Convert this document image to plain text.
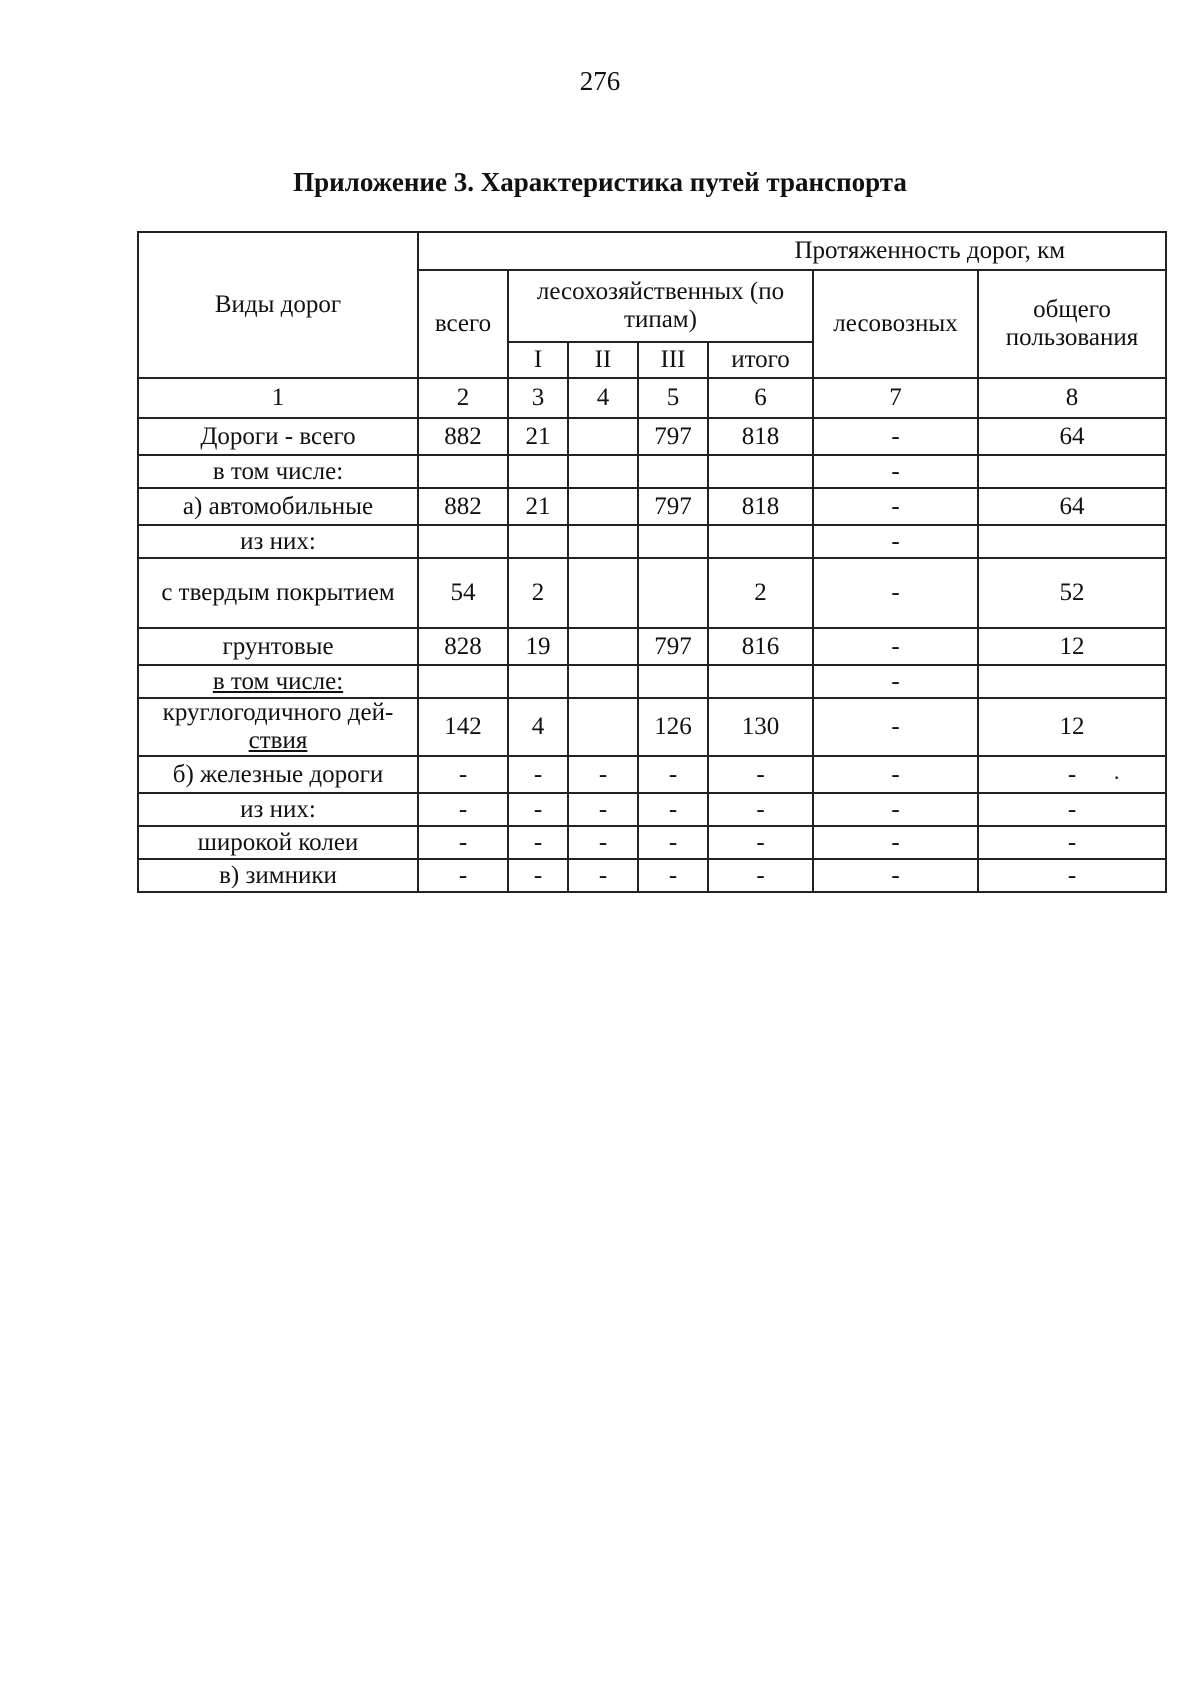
276
Приложение 3. Характеристика путей транспорта
Виды дорог	Протяженность дорог, км						
	всего	лесохозяйственных (по типам)				лесовозных	общего пользования
		I	II	III	итого		
1	2	3	4	5	6	7	8
Дороги - всего	882	21		797	818	-	64
в том числе:						-	
а) автомобильные	882	21		797	818	-	64
из них:						-	
с твердым покрытием	54	2			2	-	52
грунтовые	828	19		797	816	-	12
в том числе:						-	
круглогодичного дей-
ствия	142	4		126	130	-	12
б) железные дороги	-	-	-	-	-	-	-
из них:	-	-	-	-	-	-	-
широкой колеи	-	-	-	-	-	-	-
в) зимники	-	-	-	-	-	-	-
·
